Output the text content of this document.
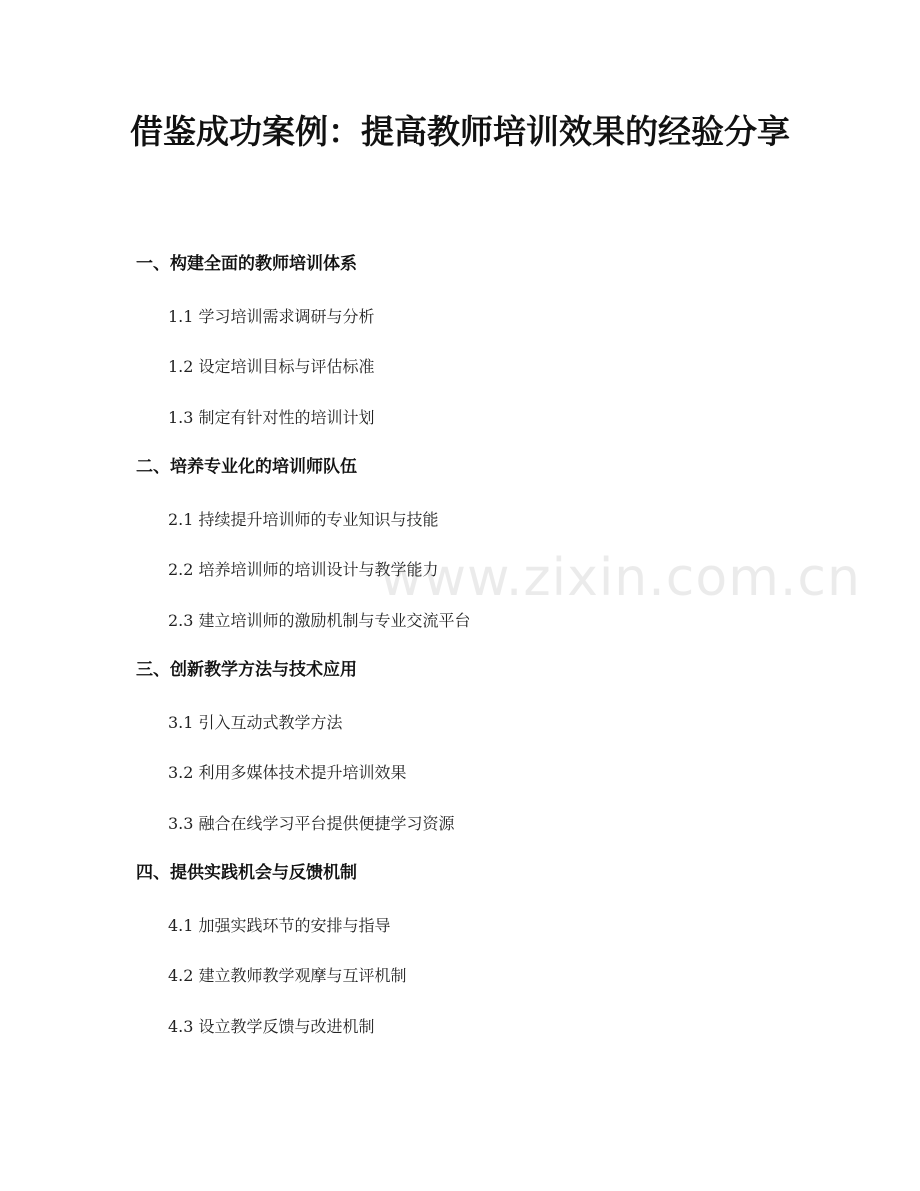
借鉴成功案例：提高教师培训效果的经验分享
www.zixin.com.cn
一、构建全面的教师培训体系
1.1 学习培训需求调研与分析
1.2 设定培训目标与评估标准
1.3 制定有针对性的培训计划
二、培养专业化的培训师队伍
2.1 持续提升培训师的专业知识与技能
2.2 培养培训师的培训设计与教学能力
2.3 建立培训师的激励机制与专业交流平台
三、创新教学方法与技术应用
3.1 引入互动式教学方法
3.2 利用多媒体技术提升培训效果
3.3 融合在线学习平台提供便捷学习资源
四、提供实践机会与反馈机制
4.1 加强实践环节的安排与指导
4.2 建立教师教学观摩与互评机制
4.3 设立教学反馈与改进机制
